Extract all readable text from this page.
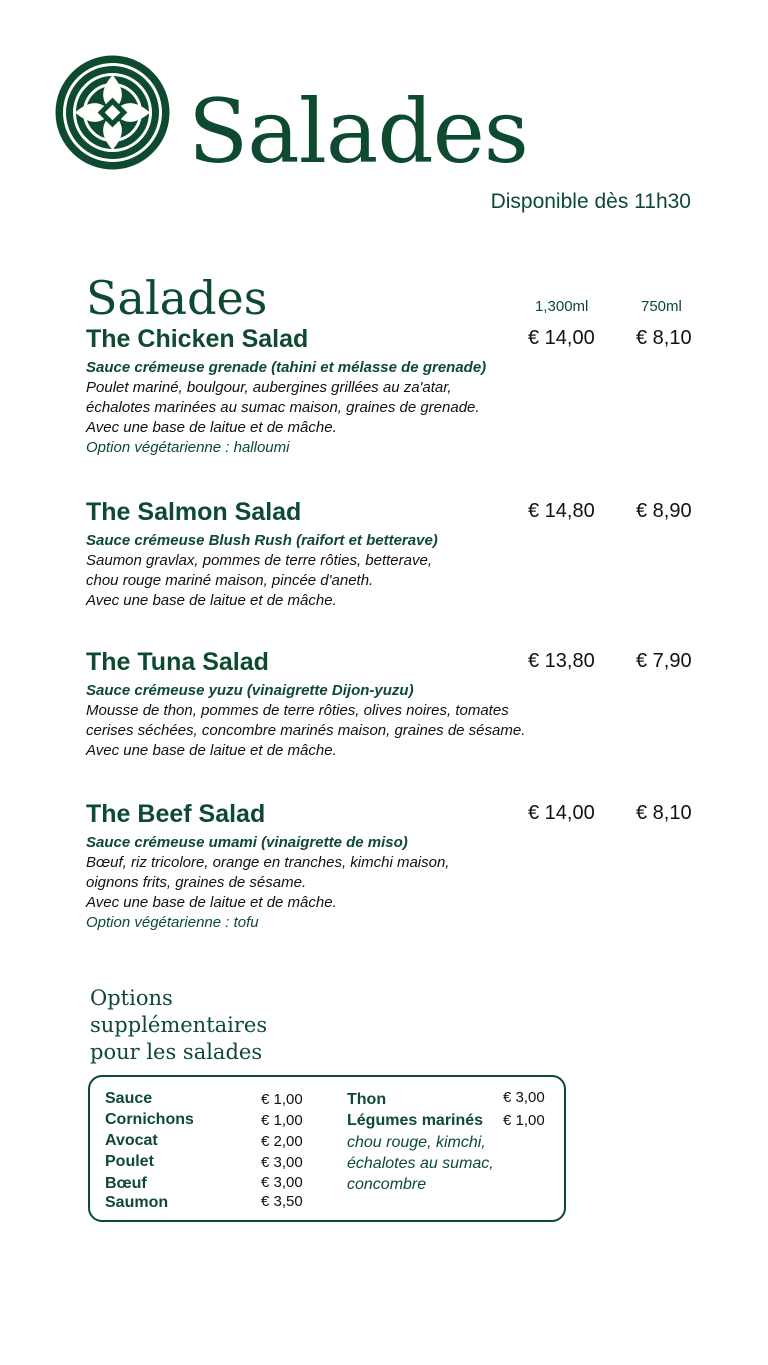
Salades
Disponible dès 11h30
Salades	1,300ml	750ml
The Chicken Salad	€ 14,00 € 8,10
Sauce crémeuse grenade (tahini et mélasse de grenade)
Poulet mariné, boulgour, aubergines grillées au za'atar,
échalotes marinées au sumac maison, graines de grenade.
Avec une base de laitue et de mâche.
Option végétarienne : halloumi
The Salmon Salad	€ 14,80 € 8,90
Sauce crémeuse Blush Rush (raifort et betterave)
Saumon gravlax, pommes de terre rôties, betterave,
chou rouge mariné maison, pincée d'aneth.
Avec une base de laitue et de mâche.
The Tuna Salad	€ 13,80 € 7,90
Sauce crémeuse yuzu (vinaigrette Dijon-yuzu)
Mousse de thon, pommes de terre rôties, olives noires, tomates
cerises séchées, concombre marinés maison, graines de sésame.
Avec une base de laitue et de mâche.
The Beef Salad	€ 14,00 € 8,10
Sauce crémeuse umami (vinaigrette de miso)
Bœuf, riz tricolore, orange en tranches, kimchi maison,
oignons frits, graines de sésame.
Avec une base de laitue et de mâche.
Option végétarienne : tofu
Options
supplémentaires
pour les salades
Sauce	€ 1,00
Cornichons	€ 1,00
Avocat	€ 2,00
Poulet	€ 3,00
Bœuf	€ 3,00
Saumon	€ 3,50
Thon	€ 3,00
Légumes marinés € 1,00
chou rouge, kimchi,
échalotes au sumac,
concombre
